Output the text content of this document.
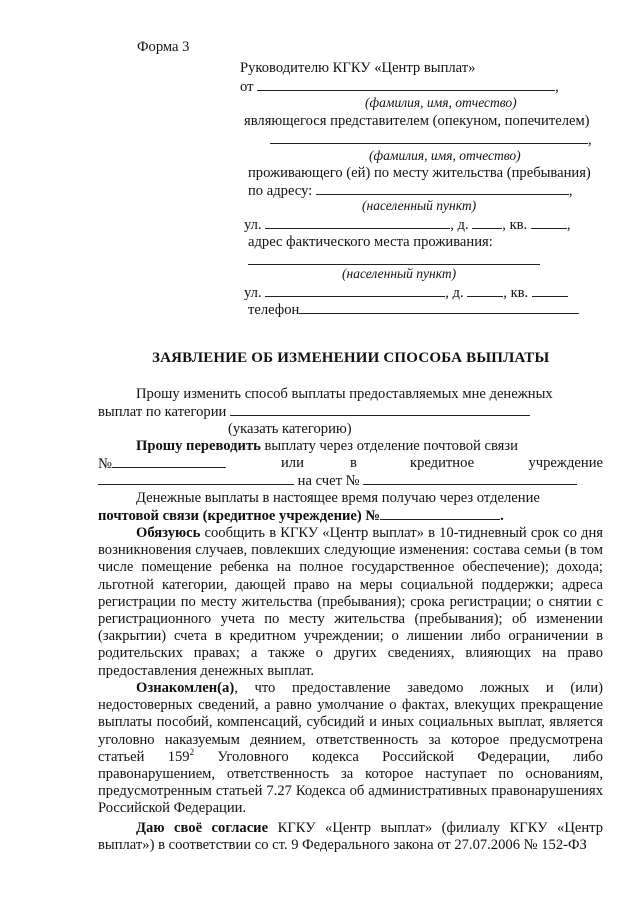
Форма 3
Руководителю КГКУ «Центр выплат»
от	,
(фамилия, имя, отчество)
являющегося представителем (опекуном, попечителем)
,
(фамилия, имя, отчество)
проживающего (ей) по месту жительства (пребывания)
по адресу:	,
(населенный пункт)
ул.	, д. , кв.	,
адрес фактического места проживания:
(населенный пункт)
ул.	, д.	, кв.
телефон
ЗАЯВЛЕНИЕ ОБ ИЗМЕНЕНИИ СПОСОБА ВЫПЛАТЫ

Прошу изменить способ выплаты предоставляемых мне денежных

выплат по категории

(указать категорию)
Прошу переводить выплату через отделение почтовой связи
№	или	в	кредитное	учреждение
на счет №
Денежные выплаты в настоящее время получаю через отделение
почтовой связи (кредитное учреждение) №	.

Обязуюсь сообщить в КГКУ «Центр выплат» в 10-тидневный срок со дня возникновения случаев, повлекших следующие изменения: состава семьи (в том числе помещение ребенка на полное государственное обеспечение); дохода; льготной категории, дающей право на меры социальной поддержки; адреса регистрации по месту жительства (пребывания); срока регистрации; о снятии с регистрационного учета по месту жительства (пребывания); об изменении (закрытии) счета в кредитном учреждении; о лишении либо ограничении в родительских правах; а также о других сведениях, влияющих на право предоставления денежных выплат.

Ознакомлен(а), что предоставление заведомо ложных и (или) недостоверных сведений, а равно умолчание о фактах, влекущих прекращение выплаты пособий, компенсаций, субсидий и иных социальных выплат, является уголовно наказуемым деянием, ответственность за которое предусмотрена статьей $159^2$ Уголовного кодекса Российской Федерации, либо правонарушением, ответственность за которое наступает по основаниям, предусмотренным статьей 7.27 Кодекса об административных правонарушениях Российской Федерации.

Даю своё согласие КГКУ «Центр выплат» (филиалу КГКУ «Центр выплат») в соответствии со ст. 9 Федерального закона от 27.07.2006 № 152-ФЗ
